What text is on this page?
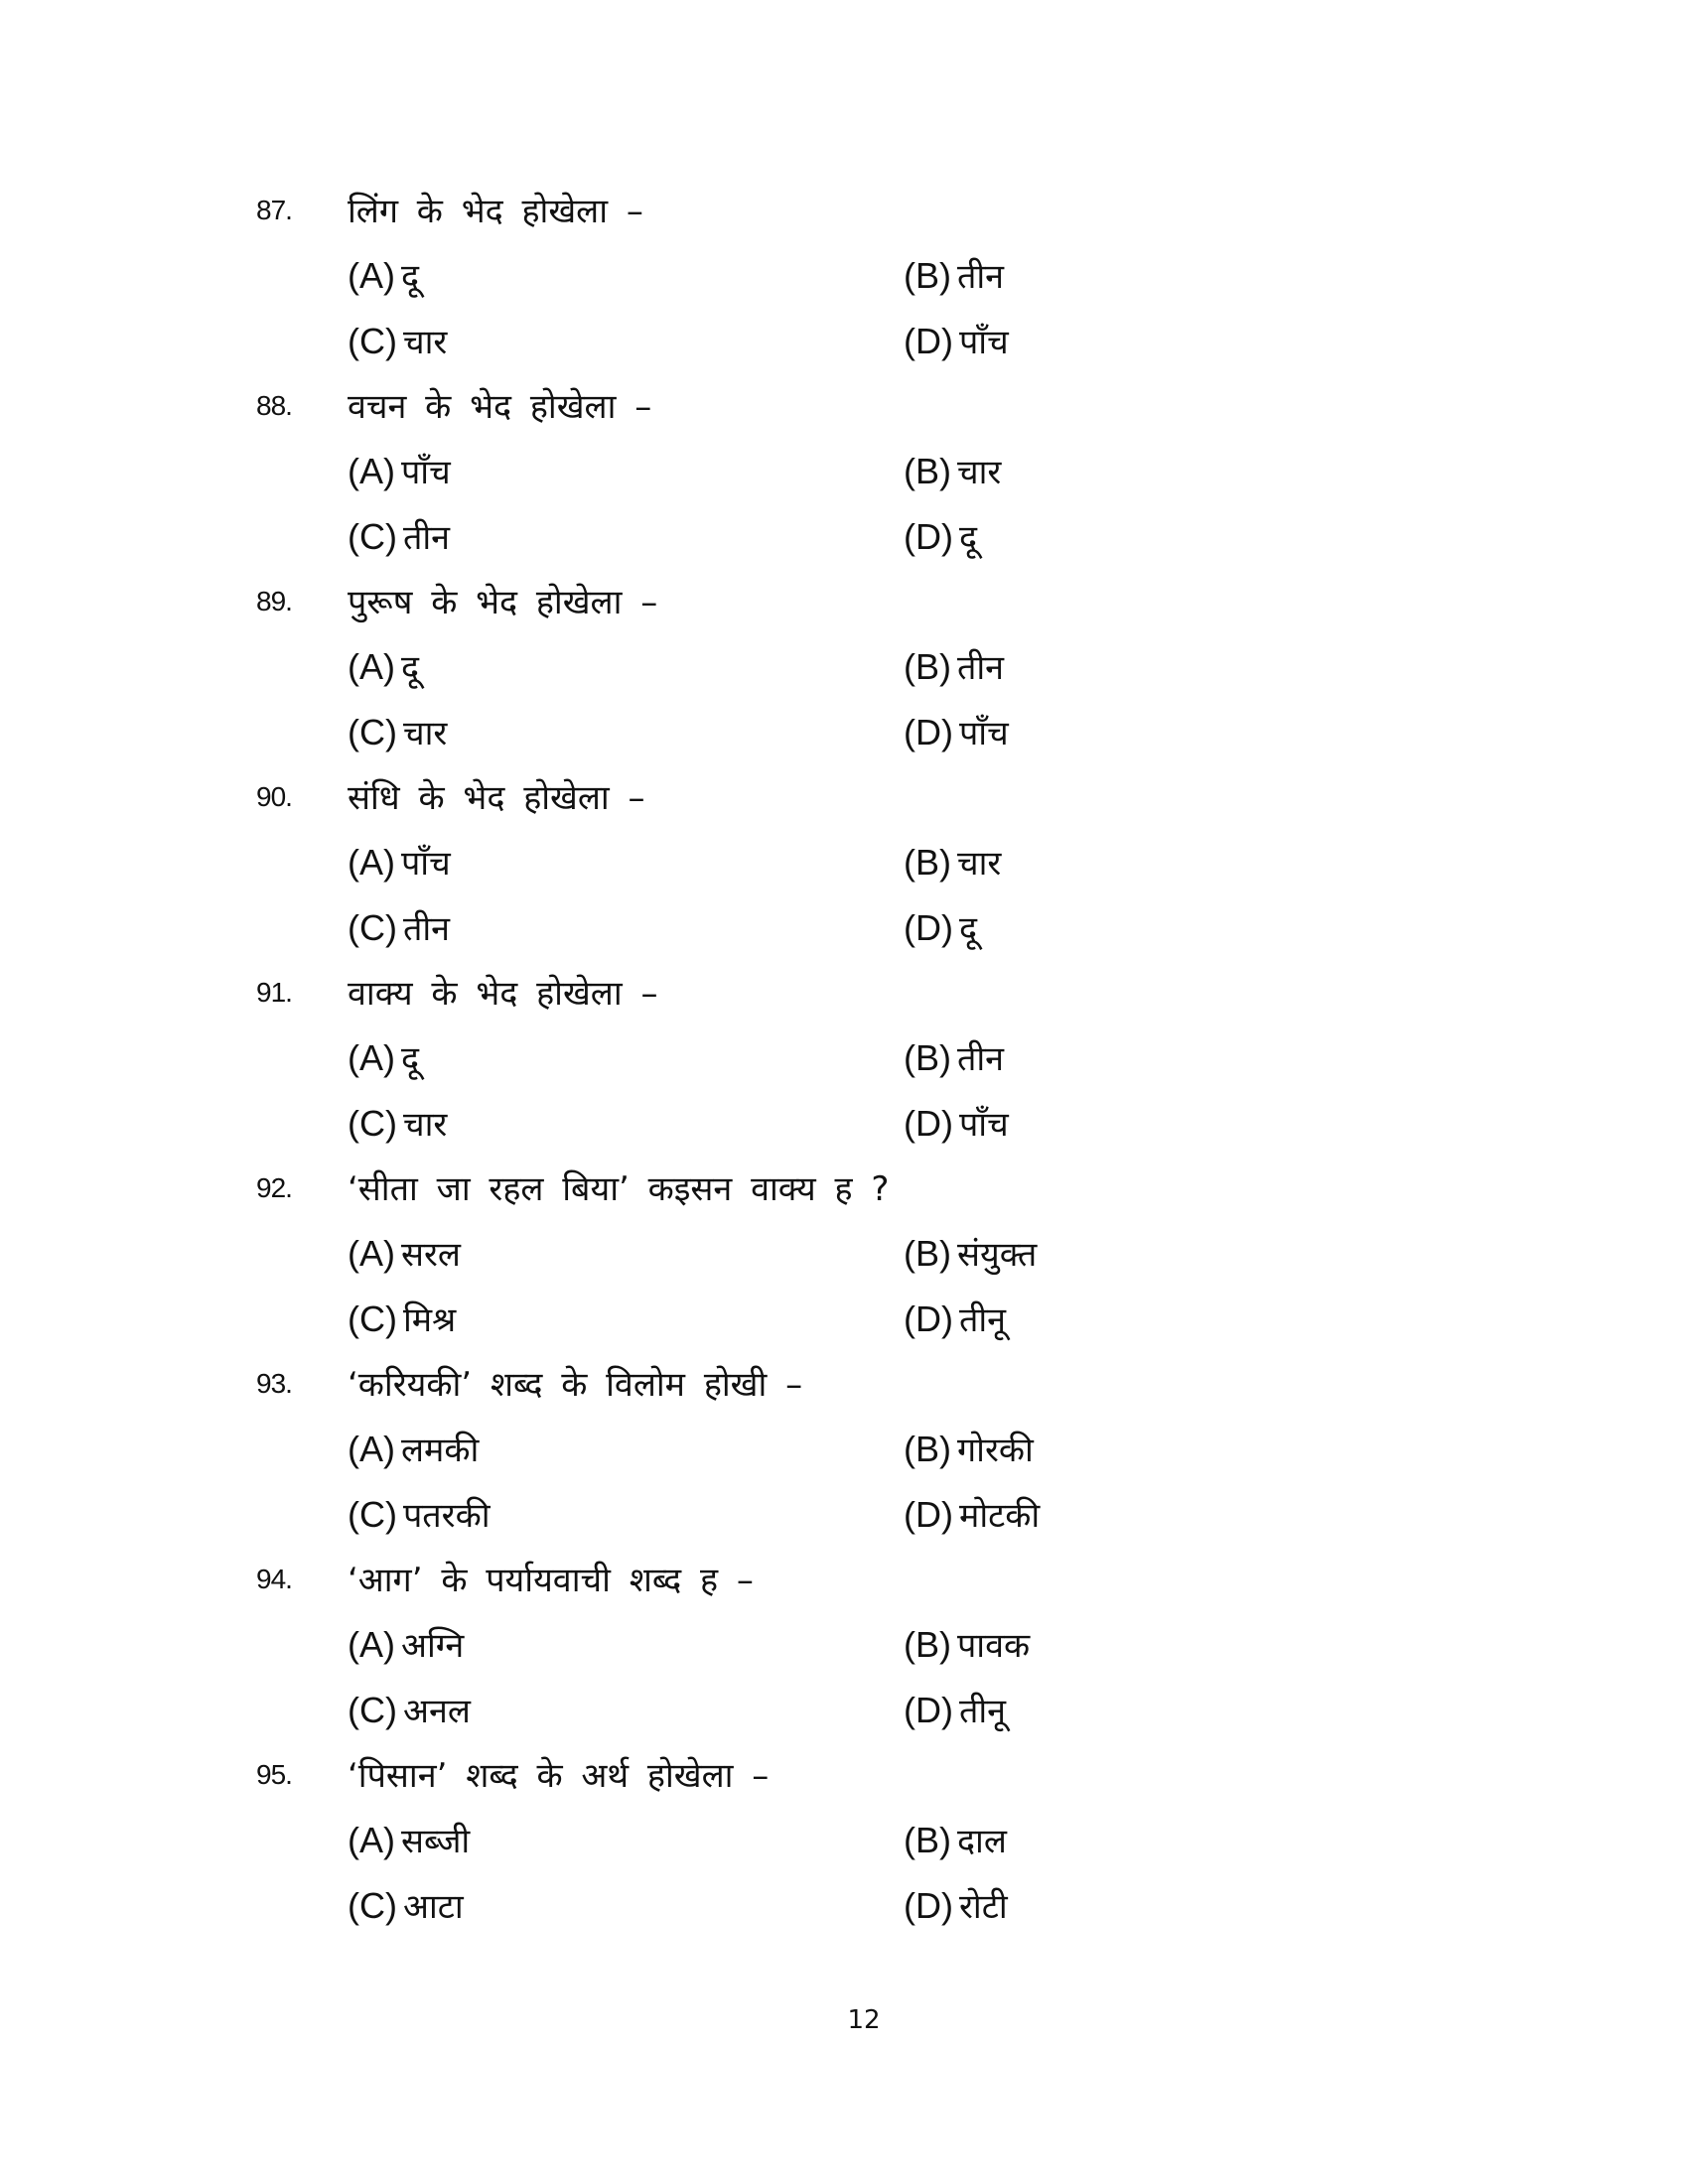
87. लिंग के भेद होखेला –
(A) दू	(B) तीन
(C) चार	(D) पाँच
88. वचन के भेद होखेला –
(A) पाँच	(B) चार
(C) तीन	(D) दू
89. पुरूष के भेद होखेला –
(A) दू	(B) तीन
(C) चार	(D) पाँच
90. संधि के भेद होखेला –
(A) पाँच	(B) चार
(C) तीन	(D) दू
91. वाक्य के भेद होखेला –
(A) दू	(B) तीन
(C) चार	(D) पाँच
92. ‘सीता जा रहल बिया’ कइसन वाक्य ह ?
(A) सरल	(B) संयुक्त
(C) मिश्र	(D) तीनू
93. ‘करियकी’ शब्द के विलोम होखी –
(A) लमकी	(B) गोरकी
(C) पतरकी	(D) मोटकी
94. ‘आग’ के पर्यायवाची शब्द ह –
(A) अग्नि	(B) पावक
(C) अनल	(D) तीनू
95. ‘पिसान’ शब्द के अर्थ होखेला –
(A) सब्जी	(B) दाल
(C) आटा	(D) रोटी
12
